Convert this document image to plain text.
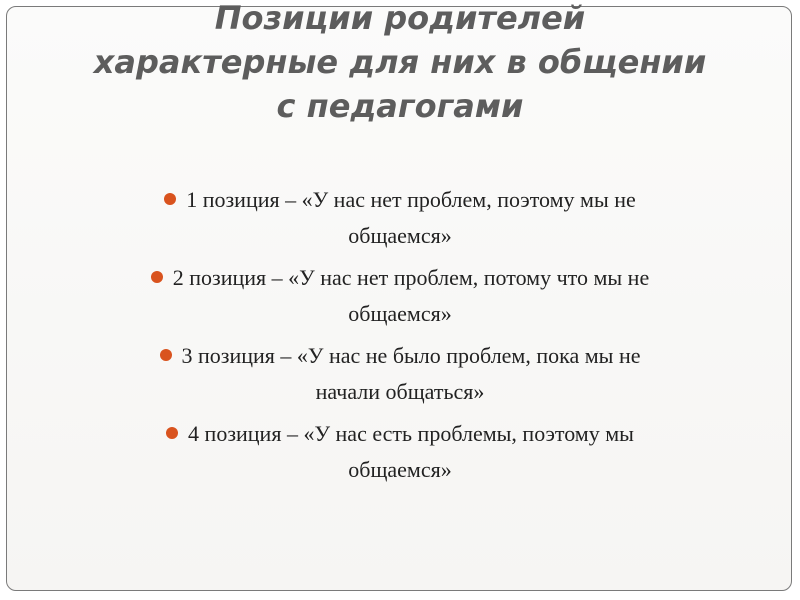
Позиции родителей
характерные для них в общении
с педагогами
1 позиция – «У нас нет проблем, поэтому мы не
общаемся»
2 позиция – «У нас нет проблем, потому что мы не
общаемся»
3 позиция – «У нас не было проблем, пока мы не
начали общаться»
4 позиция – «У нас есть проблемы, поэтому мы
общаемся»
